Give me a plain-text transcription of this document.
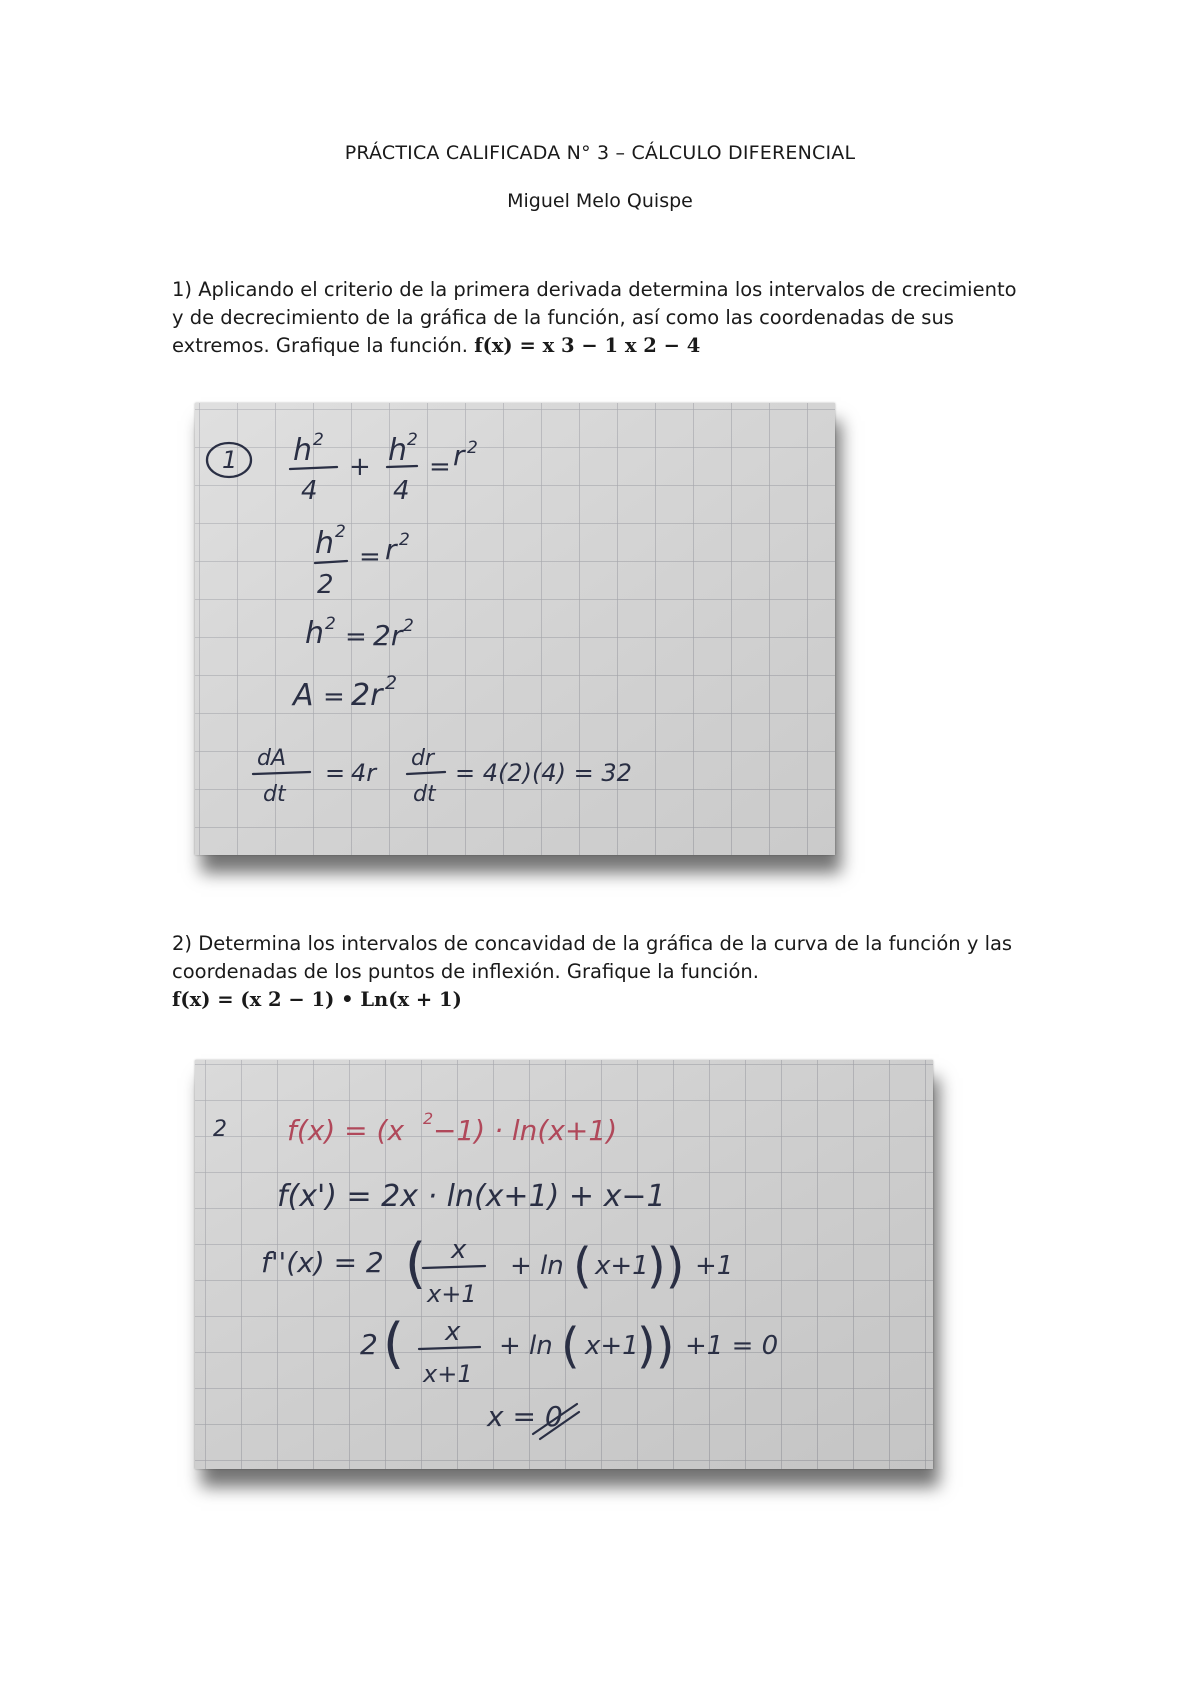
PRÁCTICA CALIFICADA N° 3 – CÁLCULO DIFERENCIAL
Miguel Melo Quispe
1) Aplicando el criterio de la primera derivada determina los intervalos de crecimiento y de decrecimiento de la gráfica de la función, así como las coordenadas de sus extremos. Grafique la función. f(x) = x 3 − 1 x 2 − 4
1 h 2
4
+ h 2
4
= r 2
h 2
2
= r 2
h 2 = 2r 2
A = 2r 2
dA
dt
= 4r
dr
dt
= 4(2)(4) = 32
2) Determina los intervalos de concavidad de la gráfica de la curva de la función y las coordenadas de los puntos de inflexión. Grafique la función.
f(x) = (x 2 − 1) • Ln(x + 1)
2 f(x) = (x 2 −1) · ln(x+1)
f(x') = 2x · ln(x+1) + x−1
f''(x) = 2 ( x
x+1
+ ln ( x+1
)) +1
2 ( x
x+1
+ ln ( x+1
)) +1 = 0
x = 0
